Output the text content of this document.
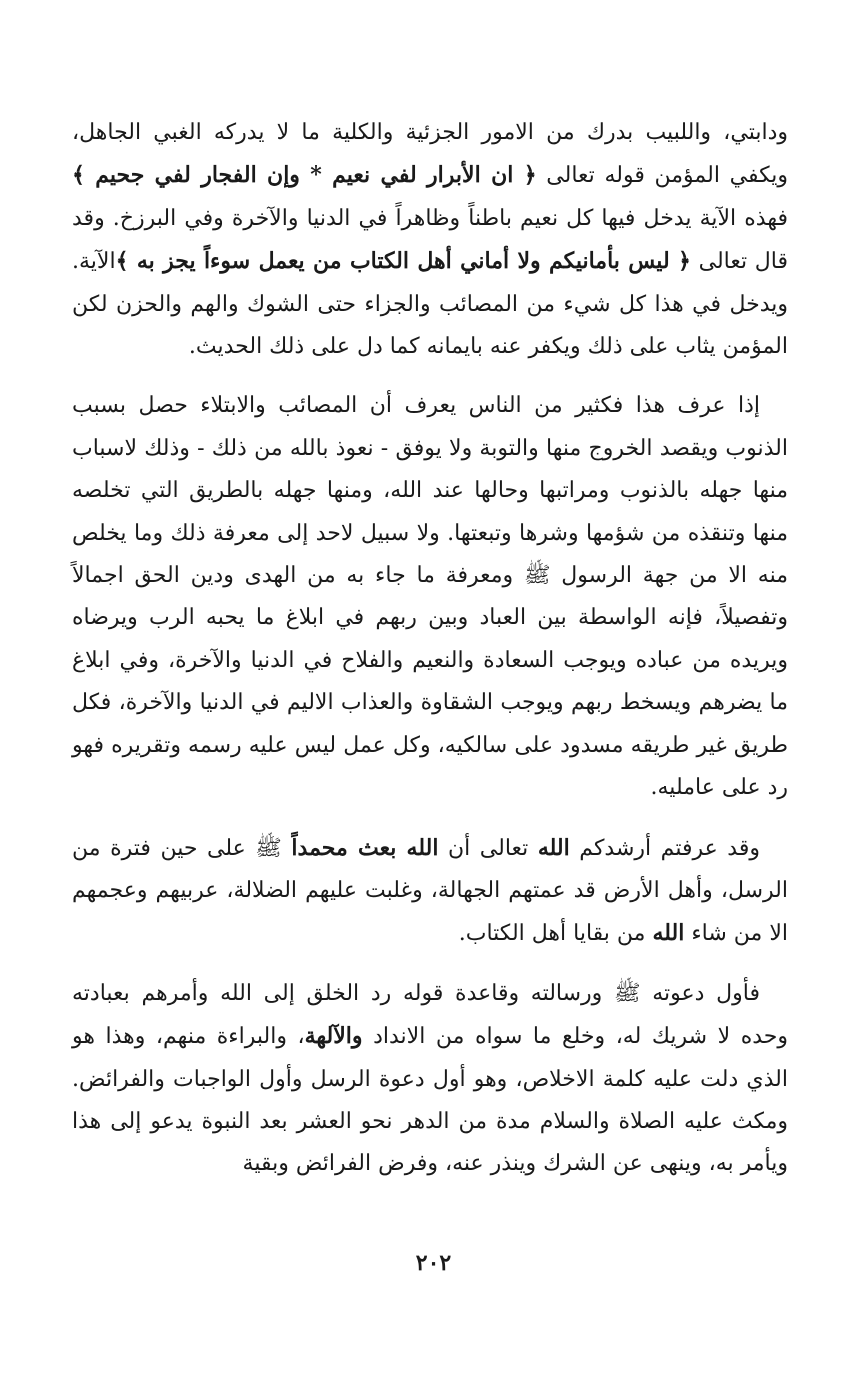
ودابتي، واللبيب بدرك من الامور الجزئية والكلية ما لا يدركه الغبي الجاهل، ويكفي المؤمن قوله تعالى ﴿ ان الأبرار لفي نعيم * وإن الفجار لفي جحيم ﴾فهذه الآية يدخل فيها كل نعيم باطناً وظاهراً في الدنيا والآخرة وفي البرزخ. وقد قال تعالى ﴿ ليس بأمانيكم ولا أماني أهل الكتاب من يعمل سوءاً يجز به ﴾الآية. ويدخل في هذا كل شيء من المصائب والجزاء حتى الشوك والهم والحزن لكن المؤمن يثاب على ذلك ويكفر عنه بايمانه كما دل على ذلك الحديث.

إذا عرف هذا فكثير من الناس يعرف أن المصائب والابتلاء حصل بسبب الذنوب ويقصد الخروج منها والتوبة ولا يوفق - نعوذ بالله من ذلك - وذلك لاسباب منها جهله بالذنوب ومراتبها وحالها عند الله، ومنها جهله بالطريق التي تخلصه منها وتنقذه من شؤمها وشرها وتبعتها. ولا سبيل لاحد إلى معرفة ذلك وما يخلص منه الا من جهة الرسول ﷺ ومعرفة ما جاء به من الهدى ودين الحق اجمالاً وتفصيلاً، فإنه الواسطة بين العباد وبين ربهم في ابلاغ ما يحبه الرب ويرضاه ويريده من عباده ويوجب السعادة والنعيم والفلاح في الدنيا والآخرة، وفي ابلاغ ما يضرهم ويسخط ربهم ويوجب الشقاوة والعذاب الاليم في الدنيا والآخرة، فكل طريق غير طريقه مسدود على سالكيه، وكل عمل ليس عليه رسمه وتقريره فهو رد على عامليه.

وقد عرفتم أرشدكم الله تعالى أن الله بعث محمداً ﷺ على حين فترة من الرسل، وأهل الأرض قد عمتهم الجهالة، وغلبت عليهم الضلالة، عربيهم وعجمهم الا من شاء الله من بقايا أهل الكتاب.

فأول دعوته ﷺ ورسالته وقاعدة قوله رد الخلق إلى الله وأمرهم بعبادته وحده لا شريك له، وخلع ما سواه من الانداد والآلهة، والبراءة منهم، وهذا هو الذي دلت عليه كلمة الاخلاص، وهو أول دعوة الرسل وأول الواجبات والفرائض. ومكث عليه الصلاة والسلام مدة من الدهر نحو العشر بعد النبوة يدعو إلى هذا ويأمر به، وينهى عن الشرك وينذر عنه، وفرض الفرائض وبقية

٢٠٢
